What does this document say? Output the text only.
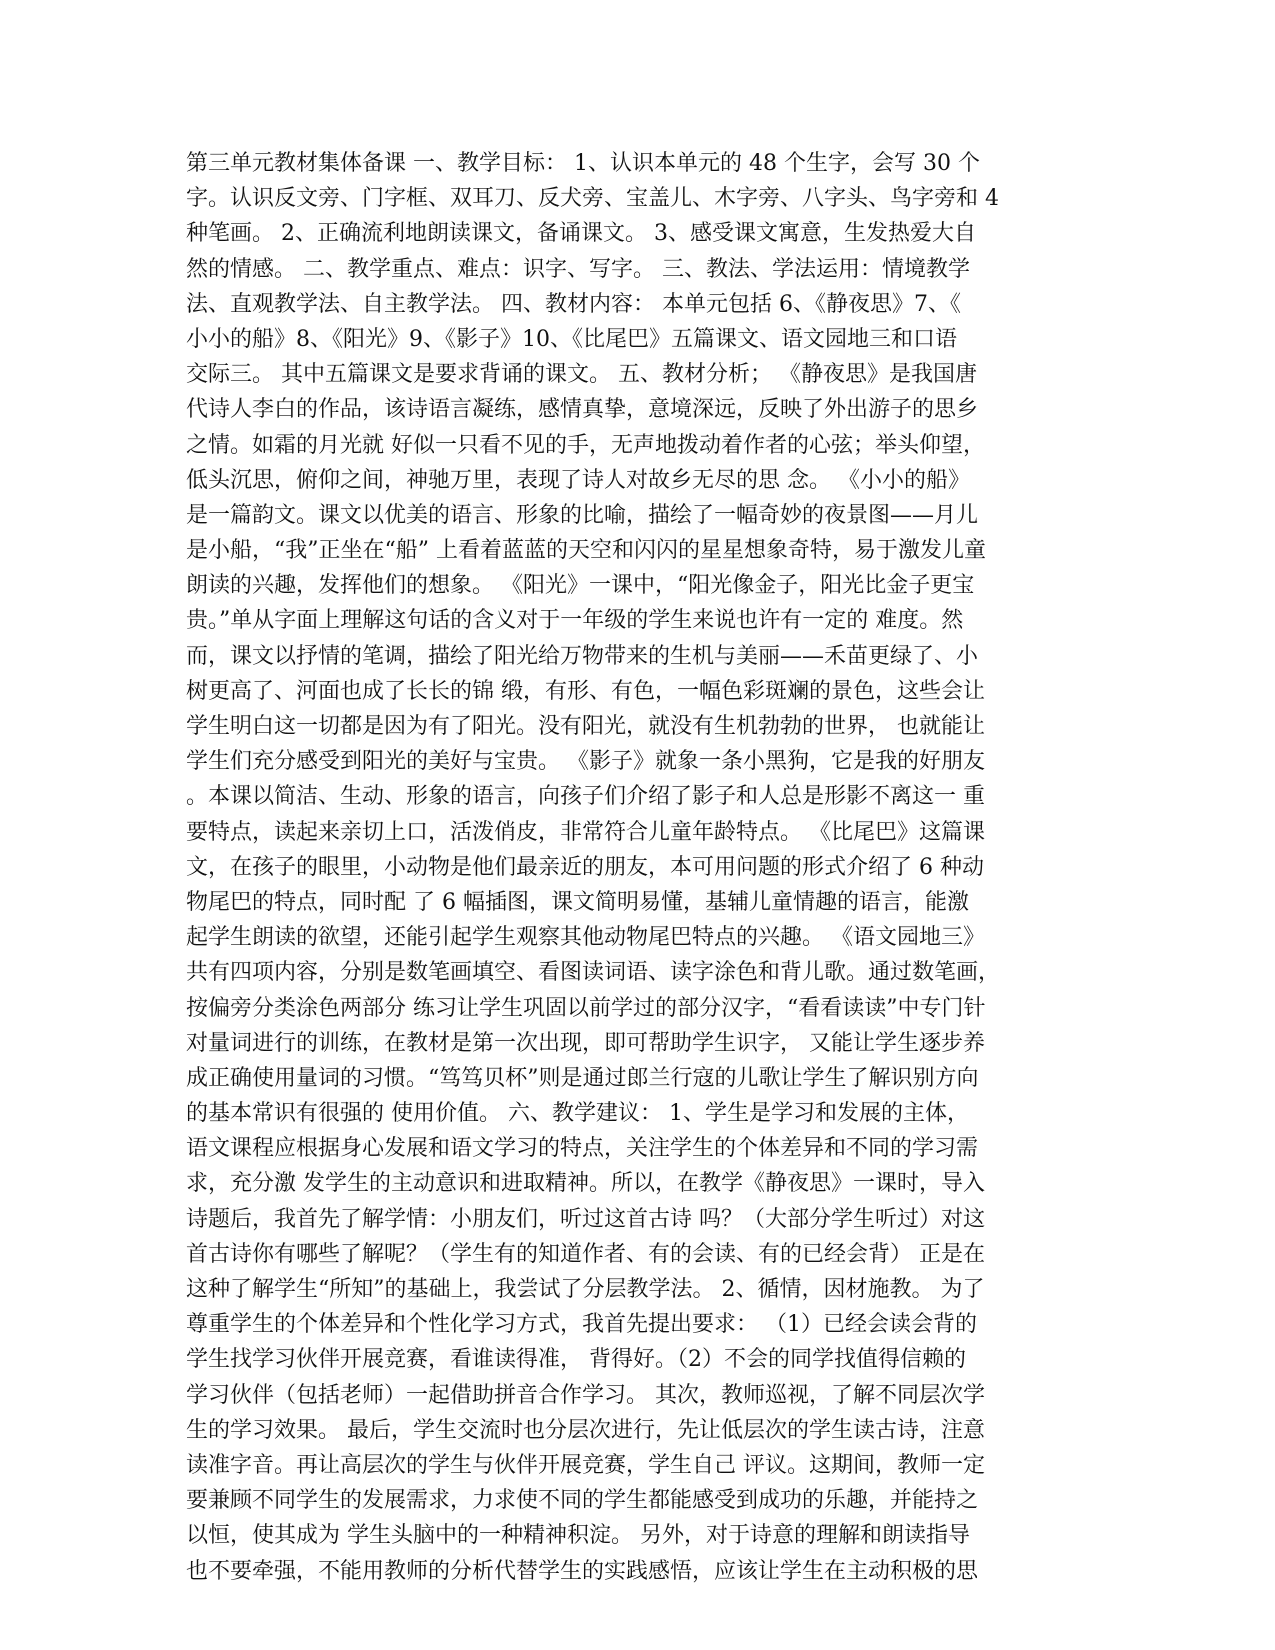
第三单元教材集体备课 一、教学目标： 1、认识本单元的 48 个生字，会写 30 个
字。认识反文旁、门字框、双耳刀、反犬旁、宝盖儿、木字旁、八字头、鸟字旁和 4
种笔画。 2、正确流利地朗读课文，备诵课文。 3、感受课文寓意，生发热爱大自
然的情感。 二、教学重点、难点：识字、写字。 三、教法、学法运用：情境教学
法、直观教学法、自主教学法。 四、教材内容： 本单元包括 6、《静夜思》7、《
小小的船》8、《阳光》9、《影子》10、《比尾巴》五篇课文、语文园地三和口语
交际三。 其中五篇课文是要求背诵的课文。 五、教材分析； 《静夜思》是我国唐
代诗人李白的作品，该诗语言凝练，感情真挚，意境深远，反映了外出游子的思乡
之情。如霜的月光就 好似一只看不见的手，无声地拨动着作者的心弦；举头仰望，
低头沉思，俯仰之间，神驰万里，表现了诗人对故乡无尽的思 念。 《小小的船》
是一篇韵文。课文以优美的语言、形象的比喻，描绘了一幅奇妙的夜景图——月儿
是小船，“我”正坐在“船” 上看着蓝蓝的天空和闪闪的星星想象奇特，易于激发儿童
朗读的兴趣，发挥他们的想象。 《阳光》一课中，“阳光像金子，阳光比金子更宝
贵。”单从字面上理解这句话的含义对于一年级的学生来说也许有一定的 难度。然
而，课文以抒情的笔调，描绘了阳光给万物带来的生机与美丽——禾苗更绿了、小
树更高了、河面也成了长长的锦 缎，有形、有色，一幅色彩斑斓的景色，这些会让
学生明白这一切都是因为有了阳光。没有阳光，就没有生机勃勃的世界， 也就能让
学生们充分感受到阳光的美好与宝贵。 《影子》就象一条小黑狗，它是我的好朋友
。本课以简洁、生动、形象的语言，向孩子们介绍了影子和人总是形影不离这一 重
要特点，读起来亲切上口，活泼俏皮，非常符合儿童年龄特点。 《比尾巴》这篇课
文，在孩子的眼里，小动物是他们最亲近的朋友，本可用问题的形式介绍了 6 种动
物尾巴的特点，同时配 了 6 幅插图，课文简明易懂，基辅儿童情趣的语言，能激
起学生朗读的欲望，还能引起学生观察其他动物尾巴特点的兴趣。 《语文园地三》
共有四项内容，分别是数笔画填空、看图读词语、读字涂色和背儿歌。通过数笔画，
按偏旁分类涂色两部分 练习让学生巩固以前学过的部分汉字，“看看读读”中专门针
对量词进行的训练，在教材是第一次出现，即可帮助学生识字， 又能让学生逐步养
成正确使用量词的习惯。“笃笃贝杯”则是通过郎兰行寇的儿歌让学生了解识别方向
的基本常识有很强的 使用价值。 六、教学建议： 1、学生是学习和发展的主体，
语文课程应根据身心发展和语文学习的特点，关注学生的个体差异和不同的学习需
求，充分激 发学生的主动意识和进取精神。所以，在教学《静夜思》一课时，导入
诗题后，我首先了解学情：小朋友们，听过这首古诗 吗？（大部分学生听过）对这
首古诗你有哪些了解呢？（学生有的知道作者、有的会读、有的已经会背） 正是在
这种了解学生“所知”的基础上，我尝试了分层教学法。 2、循情，因材施教。 为了
尊重学生的个体差异和个性化学习方式，我首先提出要求： （1）已经会读会背的
学生找学习伙伴开展竞赛，看谁读得准， 背得好。（2）不会的同学找值得信赖的
学习伙伴（包括老师）一起借助拼音合作学习。 其次，教师巡视，了解不同层次学
生的学习效果。 最后，学生交流时也分层次进行，先让低层次的学生读古诗，注意
读准字音。再让高层次的学生与伙伴开展竞赛，学生自己 评议。这期间，教师一定
要兼顾不同学生的发展需求，力求使不同的学生都能感受到成功的乐趣，并能持之
以恒，使其成为 学生头脑中的一种精神积淀。 另外，对于诗意的理解和朗读指导
也不要牵强，不能用教师的分析代替学生的实践感悟，应该让学生在主动积极的思
